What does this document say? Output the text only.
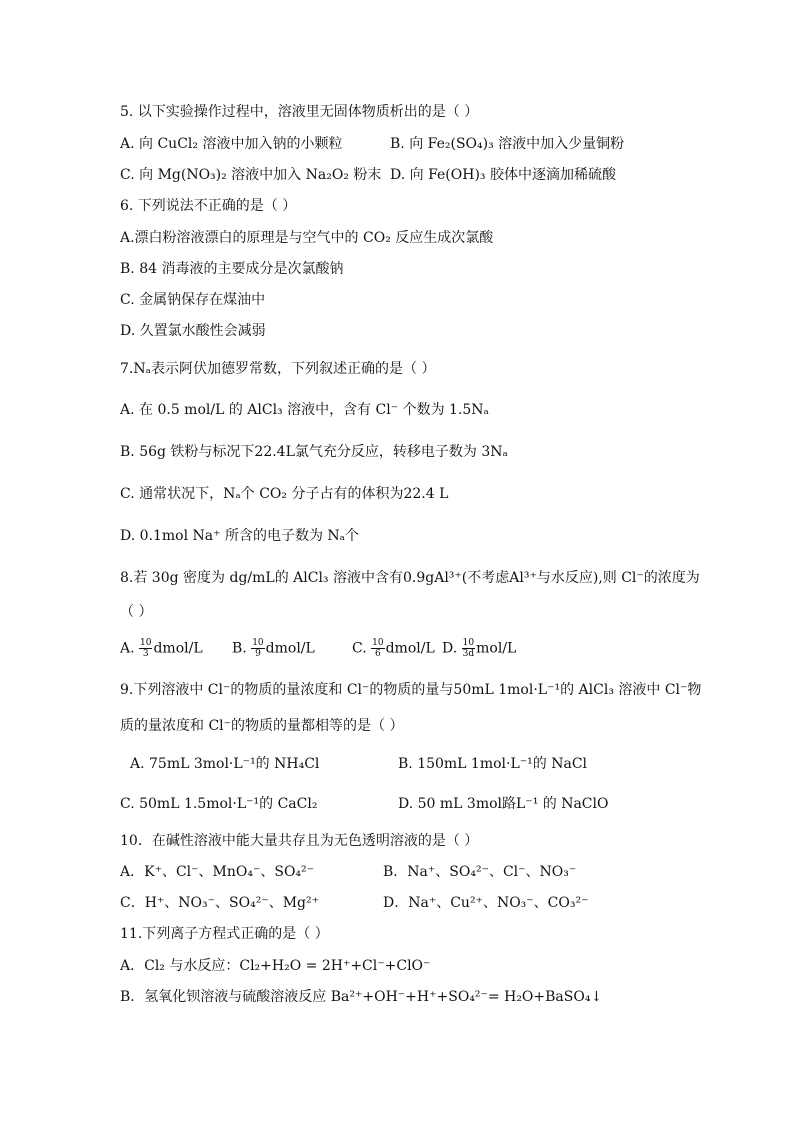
5. 以下实验操作过程中，溶液里无固体物质析出的是（ ）
A. 向 CuCl₂ 溶液中加入钠的小颗粒	B. 向 Fe₂(SO₄)₃ 溶液中加入少量铜粉
C. 向 Mg(NO₃)₂ 溶液中加入 Na₂O₂ 粉末 D. 向 Fe(OH)₃ 胶体中逐滴加稀硫酸
6. 下列说法不正确的是（ ）
A.漂白粉溶液漂白的原理是与空气中的 CO₂ 反应生成次氯酸
B. 84 消毒液的主要成分是次氯酸钠
C. 金属钠保存在煤油中
D. 久置氯水酸性会减弱
7.Nₐ表示阿伏加德罗常数，下列叙述正确的是（ ）
A. 在 0.5 mol/L 的 AlCl₃ 溶液中，含有 Cl⁻ 个数为 1.5Nₐ
B. 56g 铁粉与标况下22.4L氯气充分反应，转移电子数为 3Nₐ
C. 通常状况下，Nₐ个 CO₂ 分子占有的体积为22.4 L
D. 0.1mol Na⁺ 所含的电子数为 Nₐ个
8.若 30g 密度为 dg/mL的 AlCl₃ 溶液中含有0.9gAl³⁺(不考虑Al³⁺与水反应),则 Cl⁻的浓度为
（ ）
A. $\frac{10}{3}$ dmol/L B. $\frac{10}{9}$ dmol/L	C. $\frac{10}{6}$ dmol/L D. $\frac{10}{3d} mol/L$
9.下列溶液中 Cl⁻的物质的量浓度和 Cl⁻的物质的量与50mL 1mol·L⁻¹的 AlCl₃ 溶液中 Cl⁻物
质的量浓度和 Cl⁻的物质的量都相等的是（ ）
A. 75mL 3mol·L⁻¹的 NH₄Cl	B. 150mL 1mol·L⁻¹的 NaCl
C. 50mL 1.5mol·L⁻¹的 CaCl₂	D. 50 mL 3mol路L⁻¹ 的 NaClO
10．在碱性溶液中能大量共存且为无色透明溶液的是（ ）
A．K⁺、Cl⁻、MnO₄⁻、SO₄²⁻	B．Na⁺、SO₄²⁻、Cl⁻、NO₃⁻
C．H⁺、NO₃⁻、SO₄²⁻、Mg²⁺	D．Na⁺、Cu²⁺、NO₃⁻、CO₃²⁻
11.下列离子方程式正确的是（ ）
A．Cl₂ 与水反应：Cl₂+H₂O = 2H⁺+Cl⁻+ClO⁻
B．氢氧化钡溶液与硫酸溶液反应 Ba²⁺+OH⁻+H⁺+SO₄²⁻= H₂O+BaSO₄↓
